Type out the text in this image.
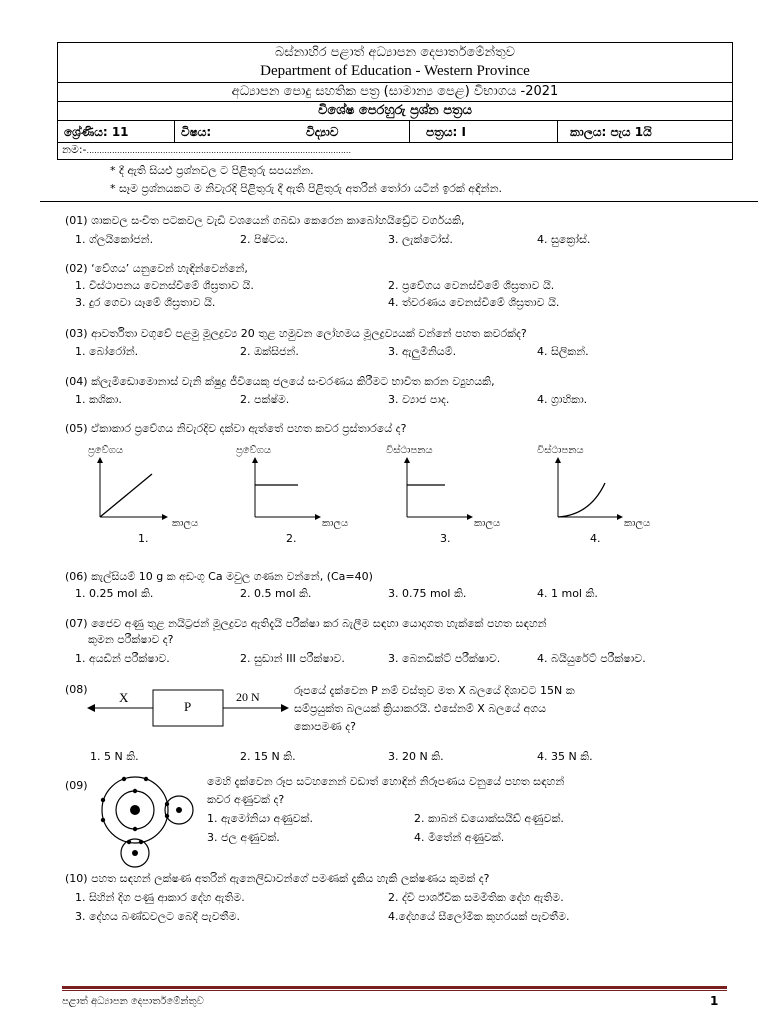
බස්නාහිර පළාත් අධ්‍යාපන දෙපාර්තමේන්තුව
Department of Education - Western Province
අධ්‍යාපන පොදු සහතික පත්‍ර (සාමාන්‍ය පෙළ) විභාගය -2021
විශේෂ පෙරහුරු ප්‍රශ්න පත්‍රය
ශ්‍රේණිය: 11	විෂය:	විද්‍යාව	පත්‍රය: I	කාලය: පැය 1යි
නම:-........................................................................................................
* දී ඇති සියළු ප්‍රශ්නවල ට පිළිතුරු සපයන්න.
* සෑම ප්‍රශ්නයකට ම නිවැරදි පිළිතුරු දී ඇති පිළිතුරු අතරින් තෝරා යටින් ඉරක් අඳින්න.
(01) ශාකවල සංචිත පටකවල වැඩි වශයෙන් ගබඩා කෙරෙන කාබෝහයිඩ්‍රේට වර්ගයකි,
1. ග්ලයිකෝජන්.	2. පිෂ්ටය.	3. ලැක්ටෝස්.	4. සුක්‍රෝස්.
(02) ‘වේගය’ යනුවෙන් හැඳින්වෙන්නේ,
1. විස්ථාපනය වෙනස්වීමේ ශීඝ්‍රතාව යි.	2. ප්‍රවේගය වෙනස්වීමේ ශීඝ්‍රතාව යි.
3. දුර ගෙවා යෑමේ ශීඝ්‍රතාව යි.	4. ත්වරණය වෙනස්වීමේ ශීඝ්‍රතාව යි.
(03) ආවර්තිතා වගුවේ පළමු මූලද්‍රව්‍ය 20 තුළ හමුවන ලෝහමය මූලද්‍රව්‍යයක් වන්නේ පහත කවරක්ද?
1. බෝරෝන්.	2. ඔක්සිජන්.	3. ඇලුමිනියම්.	4. සිලිකන්.
(04) ක්ලැමිඩොමොනාස් වැනි ක්ෂුද්‍ර ජීවියෙකු ජලයේ සංචරණය කිරීමට භාවිත කරන ව්‍යුහයකි,
1. කශිකා.	2. පක්ෂ්ම.	3. ව්‍යාජ පාද.	4. ග්‍රාහිකා.
(05) ඒකාකාර ප්‍රවේගය නිවැරදිව දක්වා ඇත්තේ පහත කවර ප්‍රස්තාරයේ ද?
ප්‍රවේගය	ප්‍රවේගය	විස්ථාපනය	විස්ථාපනය
කාලය	කාලය	කාලය	කාලය
1.	2.	3.	4.
(06) කැල්සියම් 10 g ක අඩංගු Ca මවුල ගණන වන්නේ, (Ca=40)
1. 0.25 mol කි.	2. 0.5 mol කි.	3. 0.75 mol කි.	4. 1 mol කි.
(07) ජෛව අණු තුළ නයිට්‍රජන් මූලද්‍රව්‍ය ඇතිදැයි පරීක්ෂා කර බැලීම සඳහා යොදාගත හැක්කේ පහත සඳහන්
කුමන පරීක්ෂාව ද?
1. අයඩින් පරීක්ෂාව.	2. සුඩාන් III පරීක්ෂාව.	3. බෙනඩික්ට් පරීක්ෂාව.	4. බයියුරේට් පරීක්ෂාව.
(08)
X
P
20 N	රූපයේ දැක්වෙන P නම් වස්තුව මත X බලයේ දිශාවට 15N ක
සම්ප්‍රයුක්ත බලයක් ක්‍රියාකරයි. එසේනම් X බලයේ අගය
කොපමණ ද?
1. 5 N කි.	2. 15 N කි.	3. 20 N කි.	4. 35 N කි.
(09)	මෙහි දැක්වෙන රූප සටහනෙන් වඩාත් හොඳින් නිරූපණය වනුයේ පහත සඳහන්
කවර අණුවක් ද?
1. ඇමෝනියා අණුවක්.	2. කාබන් ඩයොක්සයිඩ් අණුවක්.
3. ජල අණුවක්.	4. මීතේන් අණුවක්.
(10) පහත සඳහන් ලක්ෂණ අතරින් ඇනෙලිඩාවන්ගේ පමණක් දැකිය හැකි ලක්ෂණය කුමක් ද?
1. සිහින් දිග පණු ආකාර දේහ ඇතිම.	2. ද්වි පාර්ශ්වික සමමිතික දේහ ඇතිම.
3. දේහය බණ්ඩවලට බෙදී පැවතීම.	4.දේහයේ සීලෝමික කුහරයක් පැවතීම.
පළාත් අධ්‍යාපන දෙපාර්තමේන්තුව	1
